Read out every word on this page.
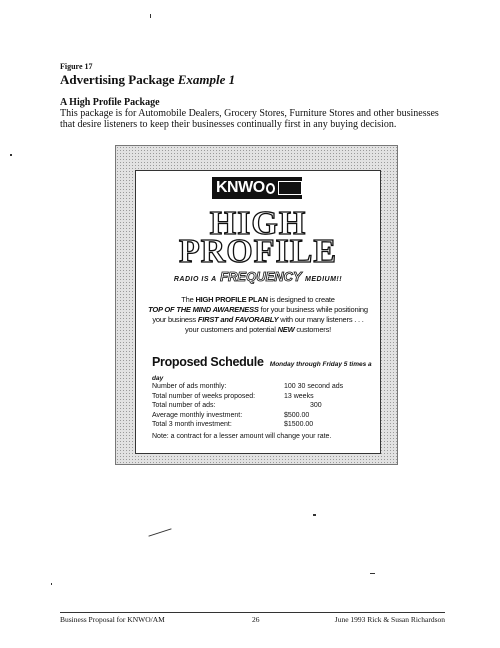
Figure 17
Advertising Package Example 1
A High Profile Package
This package is for Automobile Dealers, Grocery Stores, Furniture Stores and other businesses that desire listeners to keep their businesses continually first in any buying decision.
KNWO
HIGH
PROFILE
RADIO IS A FREQUENCY MEDIUM!!
The HIGH PROFILE PLAN is designed to create
TOP OF THE MIND AWARENESS for your business while positioning
your business FIRST and FAVORABLY with our many listeners . . .
your customers and potential NEW customers!
Proposed Schedule Monday through Friday 5 times a day
Number of ads monthly:	100 30 second ads
Total number of weeks proposed:	13 weeks
Total number of ads:	300
Average monthly investment:	$500.00
Total 3 month investment:	$1500.00
Note: a contract for a lesser amount will change your rate.
Business Proposal for KNWO/AM	26	June 1993 Rick & Susan Richardson
